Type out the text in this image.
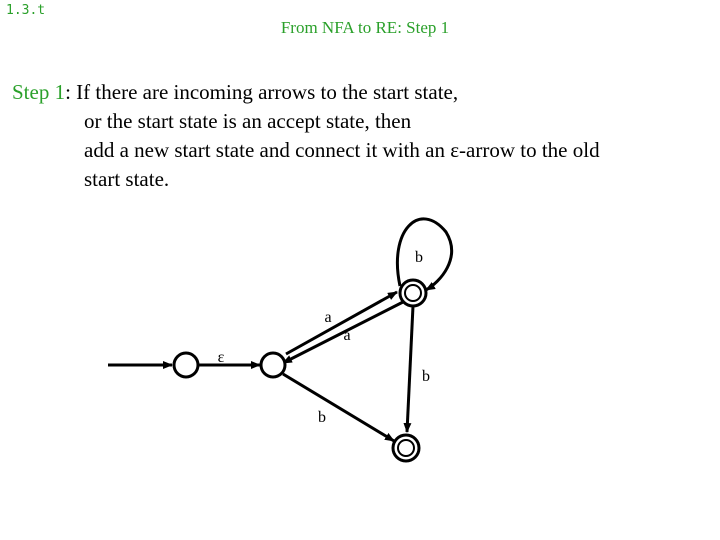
1.3.t
From NFA to RE: Step 1
Step 1: If there are incoming arrows to the start state,
or the start state is an accept state, then
add a new start state and connect it with an ε-arrow to the old
start state.
ε
a
a
b
b
b
